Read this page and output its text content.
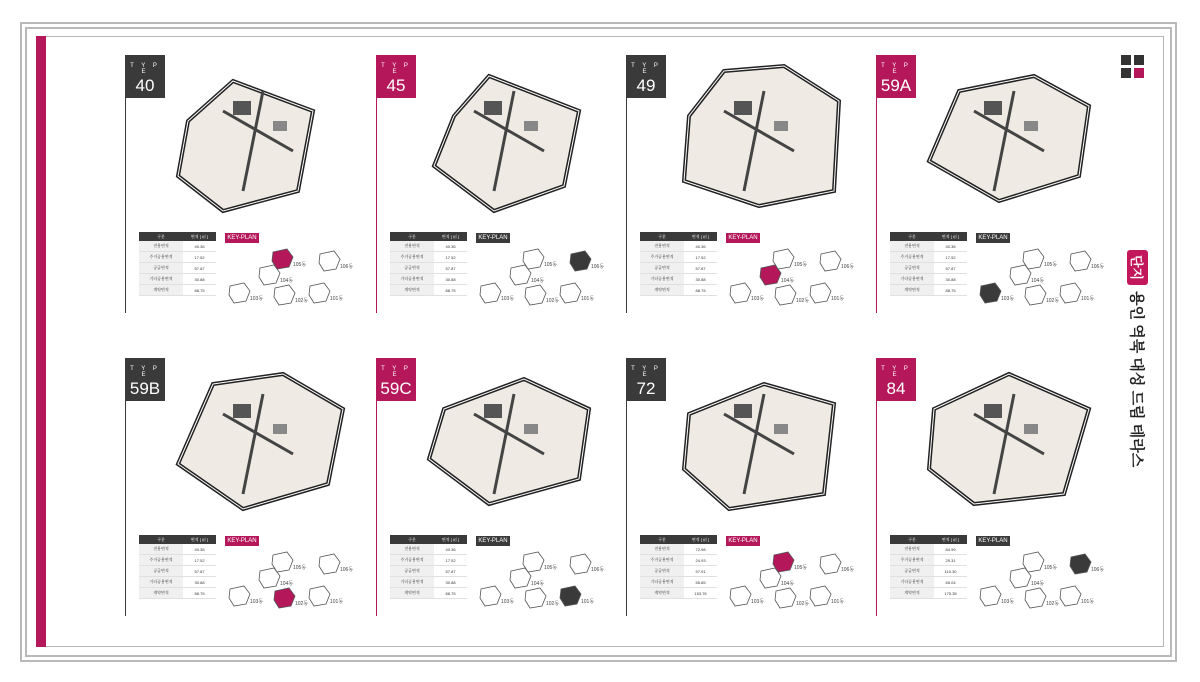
단지용인 역북 대성 드림 테라스
T Y P E
40
구분	면적 [ ㎡ ]
전용면적	40.36
주거공용면적	17.52
공급면적	57.87
기타공용면적	30.88
계약면적	88.75
KEY-PLAN
105동	106동
104동
103동	102동	101동
T Y P E
45
구분	면적 [ ㎡ ]
전용면적	40.36
주거공용면적	17.52
공급면적	57.87
기타공용면적	30.88
계약면적	88.75
KEY-PLAN
105동	106동
104동
103동	102동	101동
T Y P E
49
구분	면적 [ ㎡ ]
전용면적	40.36
주거공용면적	17.52
공급면적	57.87
기타공용면적	30.88
계약면적	88.75
KEY-PLAN
105동	106동
104동
103동	102동	101동
T Y P E
59A
구분	면적 [ ㎡ ]
전용면적	40.36
주거공용면적	17.52
공급면적	57.87
기타공용면적	30.88
계약면적	88.75
KEY-PLAN
105동	106동
104동
103동	102동	101동
T Y P E
59B
구분	면적 [ ㎡ ]
전용면적	40.36
주거공용면적	17.52
공급면적	57.87
기타공용면적	30.88
계약면적	88.75
KEY-PLAN
105동	106동
104동
103동	102동	101동
T Y P E
59C
구분	면적 [ ㎡ ]
전용면적	40.36
주거공용면적	17.52
공급면적	57.87
기타공용면적	30.88
계약면적	88.75
KEY-PLAN
105동	106동
104동
103동	102동	101동
T Y P E
72
구분	면적 [ ㎡ ]
전용면적	72.98
주거공용면적	24.93
공급면적	97.91
기타공용면적	55.85
계약면적	153.76
KEY-PLAN
105동	106동
104동
103동	102동	101동
T Y P E
84
구분	면적 [ ㎡ ]
전용면적	84.99
주거공용면적	25.31
공급면적	110.30
기타공용면적	65.04
계약면적	175.35
KEY-PLAN
105동	106동
104동
103동	102동	101동
